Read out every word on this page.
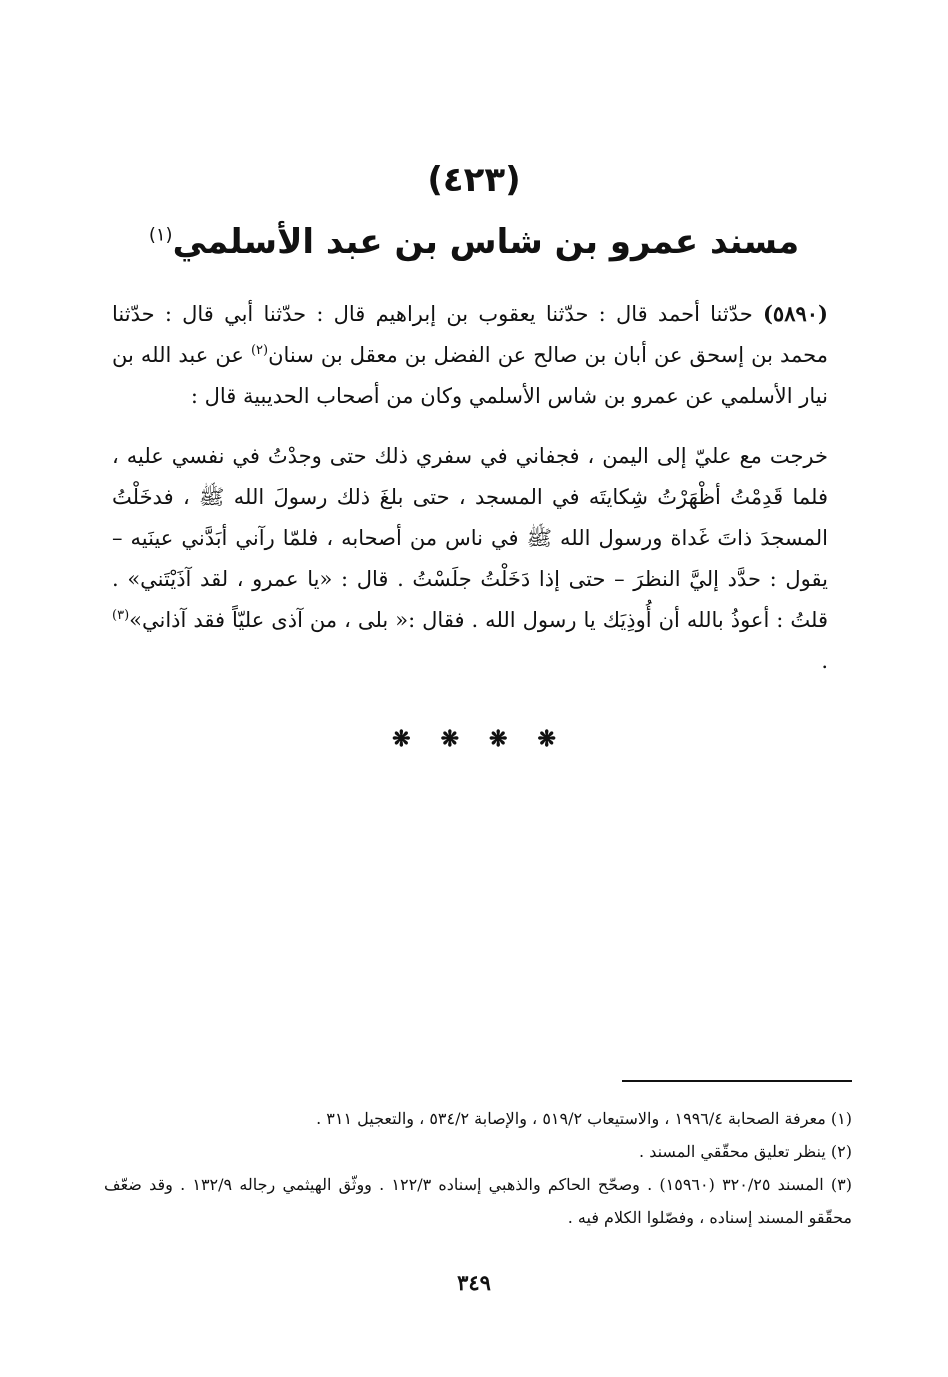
(٤٢٣)
مسند عمرو بن شاس بن عبد الأسلمي$^{(١)}$
(٥٨٩٠) حدّثنا أحمد قال : حدّثنا يعقوب بن إبراهيم قال : حدّثنا أبي قال : حدّثنا محمد بن إسحق عن أبان بن صالح عن الفضل بن معقل بن سنان$^{(٢)}$ عن عبد الله بن نيار الأسلمي عن عمرو بن شاس الأسلمي وكان من أصحاب الحديبية قال :
خرجت مع عليّ إلى اليمن ، فجفاني في سفري ذلك حتى وجدْتُ في نفسي عليه ، فلما قَدِمْتُ أظْهَرْتُ شِكايتَه في المسجد ، حتى بلغَ ذلك رسولَ الله ﷺ ، فدخَلْتُ المسجدَ ذاتَ غَداة ورسول الله ﷺ في ناس من أصحابه ، فلمّا رآني أبَدَّني عينَيه – يقول : حدَّد إليَّ النظرَ – حتى إذا دَخَلْتُ جلَسْتُ . قال : «يا عمرو ، لقد آذَيْتَني» . قلتُ : أعوذُ بالله أن أُوذِيَك يا رسول الله . فقال :« بلى ، من آذى عليّاً فقد آذاني»$^{(٣)}$ .
❋❋❋❋
(١) معرفة الصحابة ١٩٩٦/٤ ، والاستيعاب ٥١٩/٢ ، والإصابة ٥٣٤/٢ ، والتعجيل ٣١١ .
(٢) ينظر تعليق محقّقي المسند .
(٣) المسند ٣٢٠/٢٥ (١٥٩٦٠) . وصحّح الحاكم والذهبي إسناده ١٢٢/٣ . ووثّق الهيثمي رجاله ١٣٢/٩ . وقد ضعّف محقّقو المسند إسناده ، وفصّلوا الكلام فيه .
٣٤٩
